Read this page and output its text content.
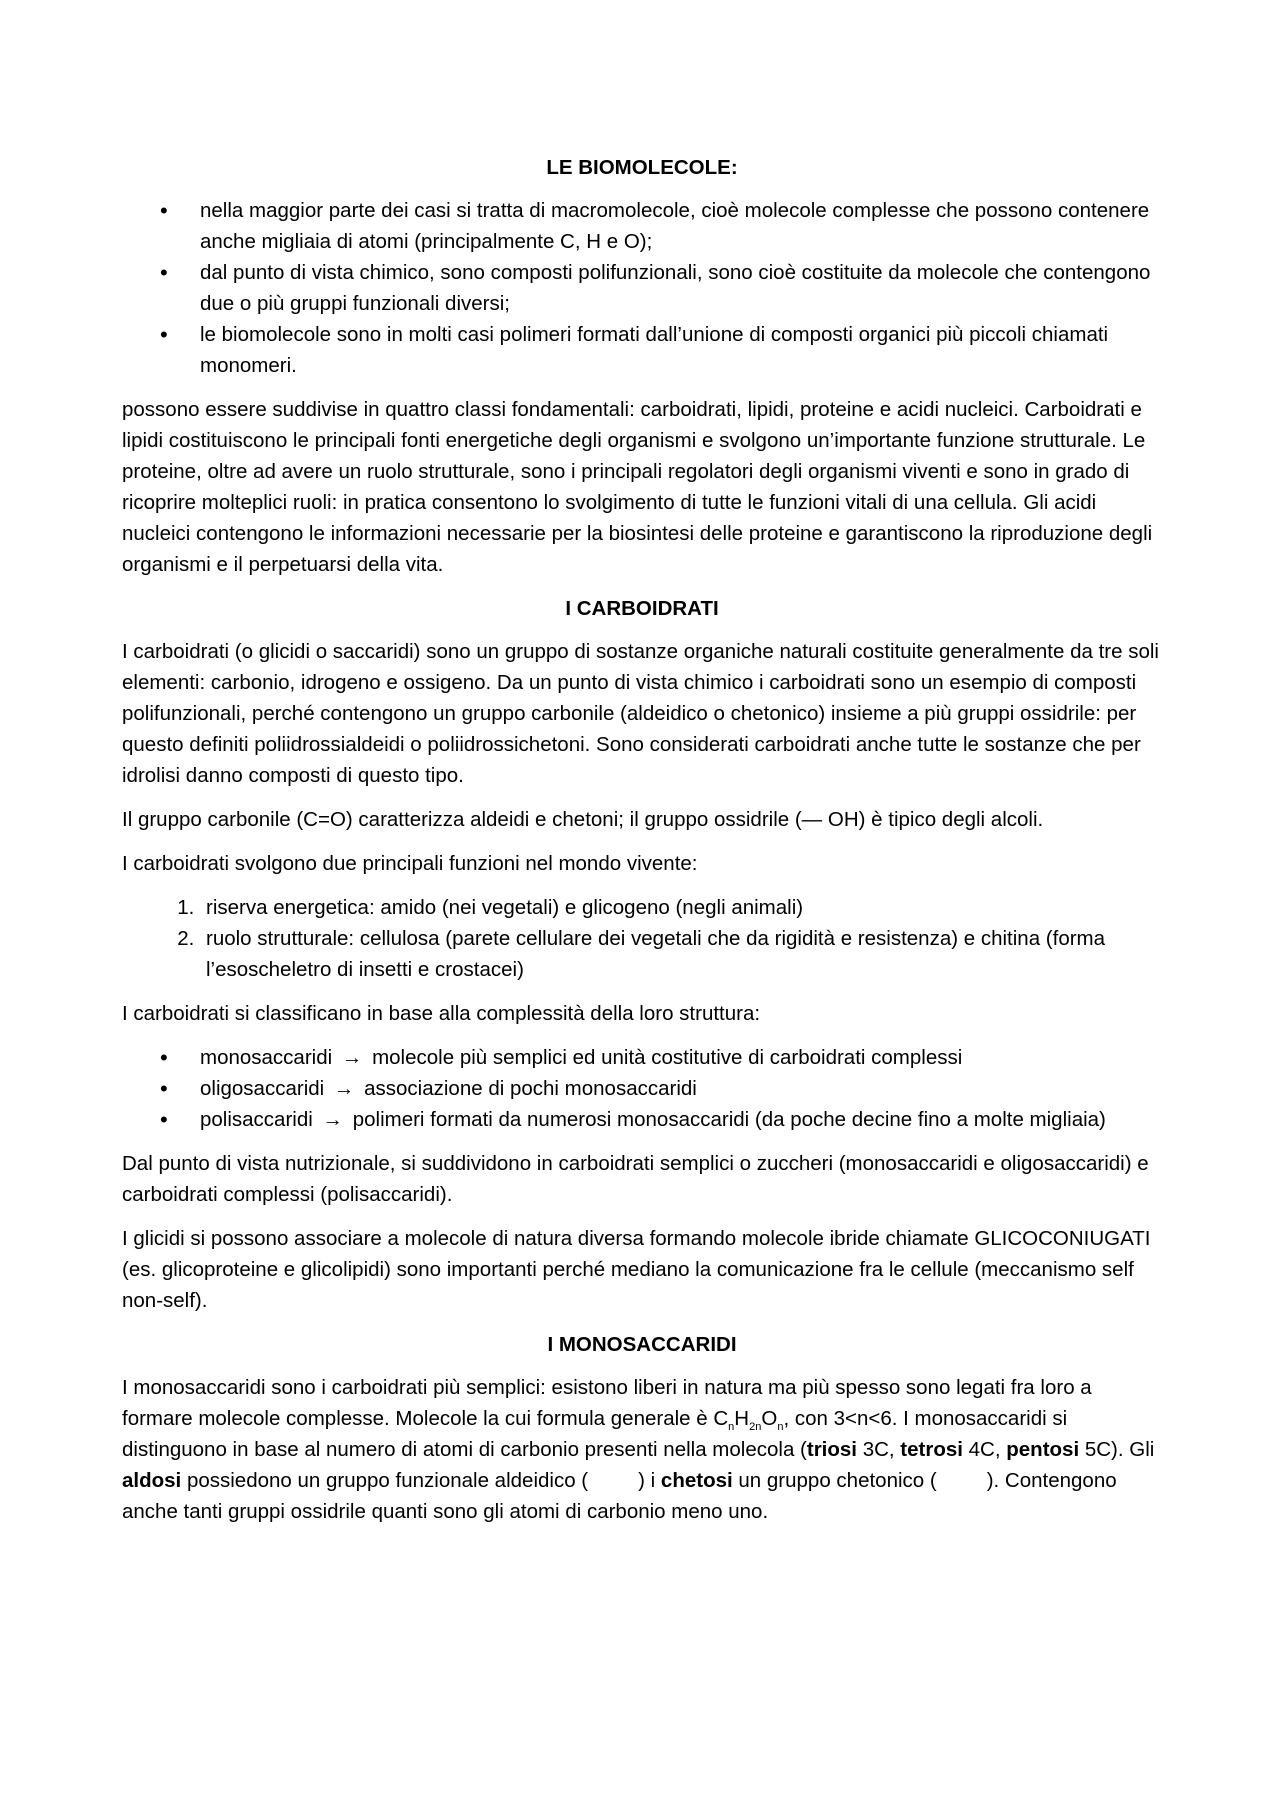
LE BIOMOLECOLE:
• nella maggior parte dei casi si tratta di macromolecole, cioè molecole complesse che possono contenere anche migliaia di atomi (principalmente C, H e O);
• dal punto di vista chimico, sono composti polifunzionali, sono cioè costituite da molecole che contengono due o più gruppi funzionali diversi;
• le biomolecole sono in molti casi polimeri formati dall’unione di composti organici più piccoli chiamati monomeri.

possono essere suddivise in quattro classi fondamentali: carboidrati, lipidi, proteine e acidi nucleici. Carboidrati e lipidi costituiscono le principali fonti energetiche degli organismi e svolgono un’importante funzione strutturale. Le proteine, oltre ad avere un ruolo strutturale, sono i principali regolatori degli organismi viventi e sono in grado di ricoprire molteplici ruoli: in pratica consentono lo svolgimento di tutte le funzioni vitali di una cellula. Gli acidi nucleici contengono le informazioni necessarie per la biosintesi delle proteine e garantiscono la riproduzione degli organismi e il perpetuarsi della vita.

I CARBOIDRATI

I carboidrati (o glicidi o saccaridi) sono un gruppo di sostanze organiche naturali costituite generalmente da tre soli elementi: carbonio, idrogeno e ossigeno. Da un punto di vista chimico i carboidrati sono un esempio di composti polifunzionali, perché contengono un gruppo carbonile (aldeidico o chetonico) insieme a più gruppi ossidrile: per questo definiti poliidrossialdeidi o poliidrossichetoni. Sono considerati carboidrati anche tutte le sostanze che per idrolisi danno composti di questo tipo.

Il gruppo carbonile (C=O) caratterizza aldeidi e chetoni; il gruppo ossidrile (— OH) è tipico degli alcoli.

I carboidrati svolgono due principali funzioni nel mondo vivente:

1. riserva energetica: amido (nei vegetali) e glicogeno (negli animali)
2. ruolo strutturale: cellulosa (parete cellulare dei vegetali che da rigidità e resistenza) e chitina (forma l’esoscheletro di insetti e crostacei)

I carboidrati si classificano in base alla complessità della loro struttura:

• monosaccaridi → molecole più semplici ed unità costitutive di carboidrati complessi
• oligosaccaridi → associazione di pochi monosaccaridi
• polisaccaridi → polimeri formati da numerosi monosaccaridi (da poche decine fino a molte migliaia)

Dal punto di vista nutrizionale, si suddividono in carboidrati semplici o zuccheri (monosaccaridi e oligosaccaridi) e carboidrati complessi (polisaccaridi).

I glicidi si possono associare a molecole di natura diversa formando molecole ibride chiamate GLICOCONIUGATI (es. glicoproteine e glicolipidi) sono importanti perché mediano la comunicazione fra le cellule (meccanismo self non-self).

I MONOSACCARIDI

I monosaccaridi sono i carboidrati più semplici: esistono liberi in natura ma più spesso sono legati fra loro a formare molecole complesse. Molecole la cui formula generale è $C_nH_{2n}O_n$, con 3<n<6. I monosaccaridi si distinguono in base al numero di atomi di carbonio presenti nella molecola (triosi 3C, tetrosi 4C, pentosi 5C). Gli aldosi possiedono un gruppo funzionale aldeidico ( ) i chetosi un gruppo chetonico ( ). Contengono anche tanti gruppi ossidrile quanti sono gli atomi di carbonio meno uno.
